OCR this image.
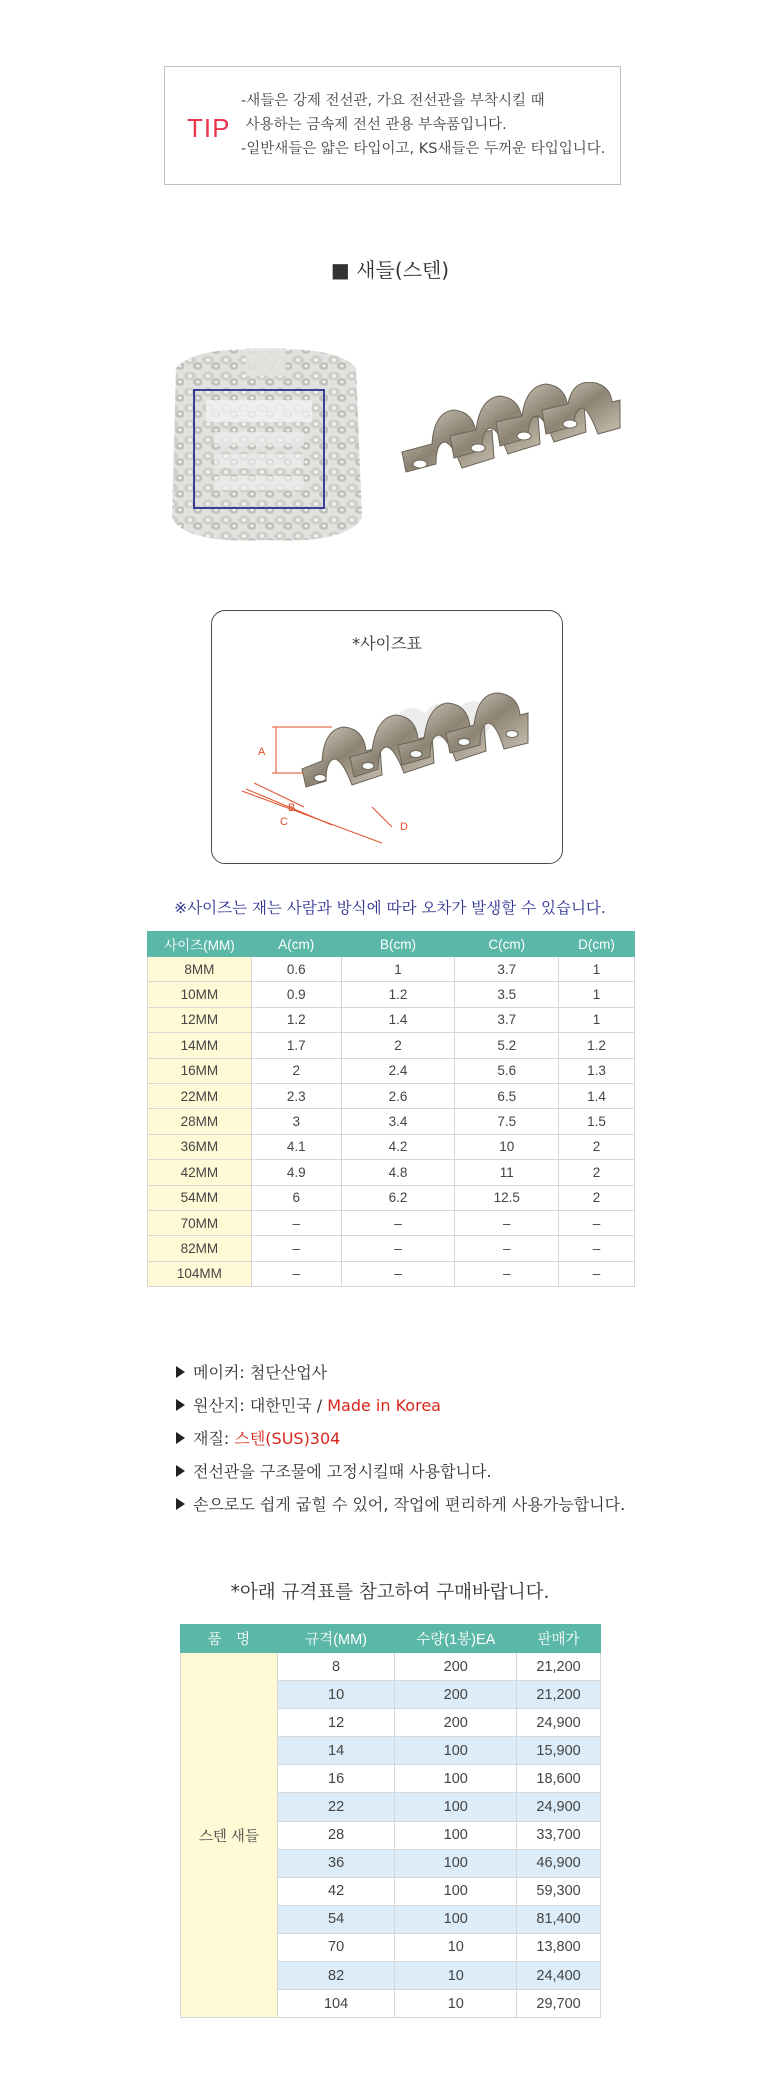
TIP
-새들은 강제 전선관, 가요 전선관을 부착시킬 때
사용하는 금속제 전선 관용 부속품입니다.
-일반새들은 얇은 타입이고, KS새들은 두꺼운 타입입니다.
■ 새들(스텐)
*사이즈표
A
B
C	D
※사이즈는 재는 사람과 방식에 따라 오차가 발생할 수 있습니다.
사이즈(MM)	A(cm)	B(cm)	C(cm)	D(cm)
8MM	0.6	1	3.7	1
10MM	0.9	1.2	3.5	1
12MM	1.2	1.4	3.7	1
14MM	1.7	2	5.2	1.2
16MM	2	2.4	5.6	1.3
22MM	2.3	2.6	6.5	1.4
28MM	3	3.4	7.5	1.5
36MM	4.1	4.2	10	2
42MM	4.9	4.8	11	2
54MM	6	6.2	12.5	2
70MM	–	–	–	–
82MM	–	–	–	–
104MM	–	–	–	–
메이커: 첨단산업사
원산지: 대한민국 / Made in Korea
재질: 스텐(SUS)304
전선관을 구조물에 고정시킬때 사용합니다.
손으로도 쉽게 굽힐 수 있어, 작업에 편리하게 사용가능합니다.
*아래 규격표를 참고하여 구매바랍니다.
품　명	규격(MM)	수량(1봉)EA	판매가
스텐 새들	8	200	21,200
	10	200	21,200
	12	200	24,900
	14	100	15,900
	16	100	18,600
	22	100	24,900
	28	100	33,700
	36	100	46,900
	42	100	59,300
	54	100	81,400
	70	10	13,800
	82	10	24,400
	104	10	29,700
